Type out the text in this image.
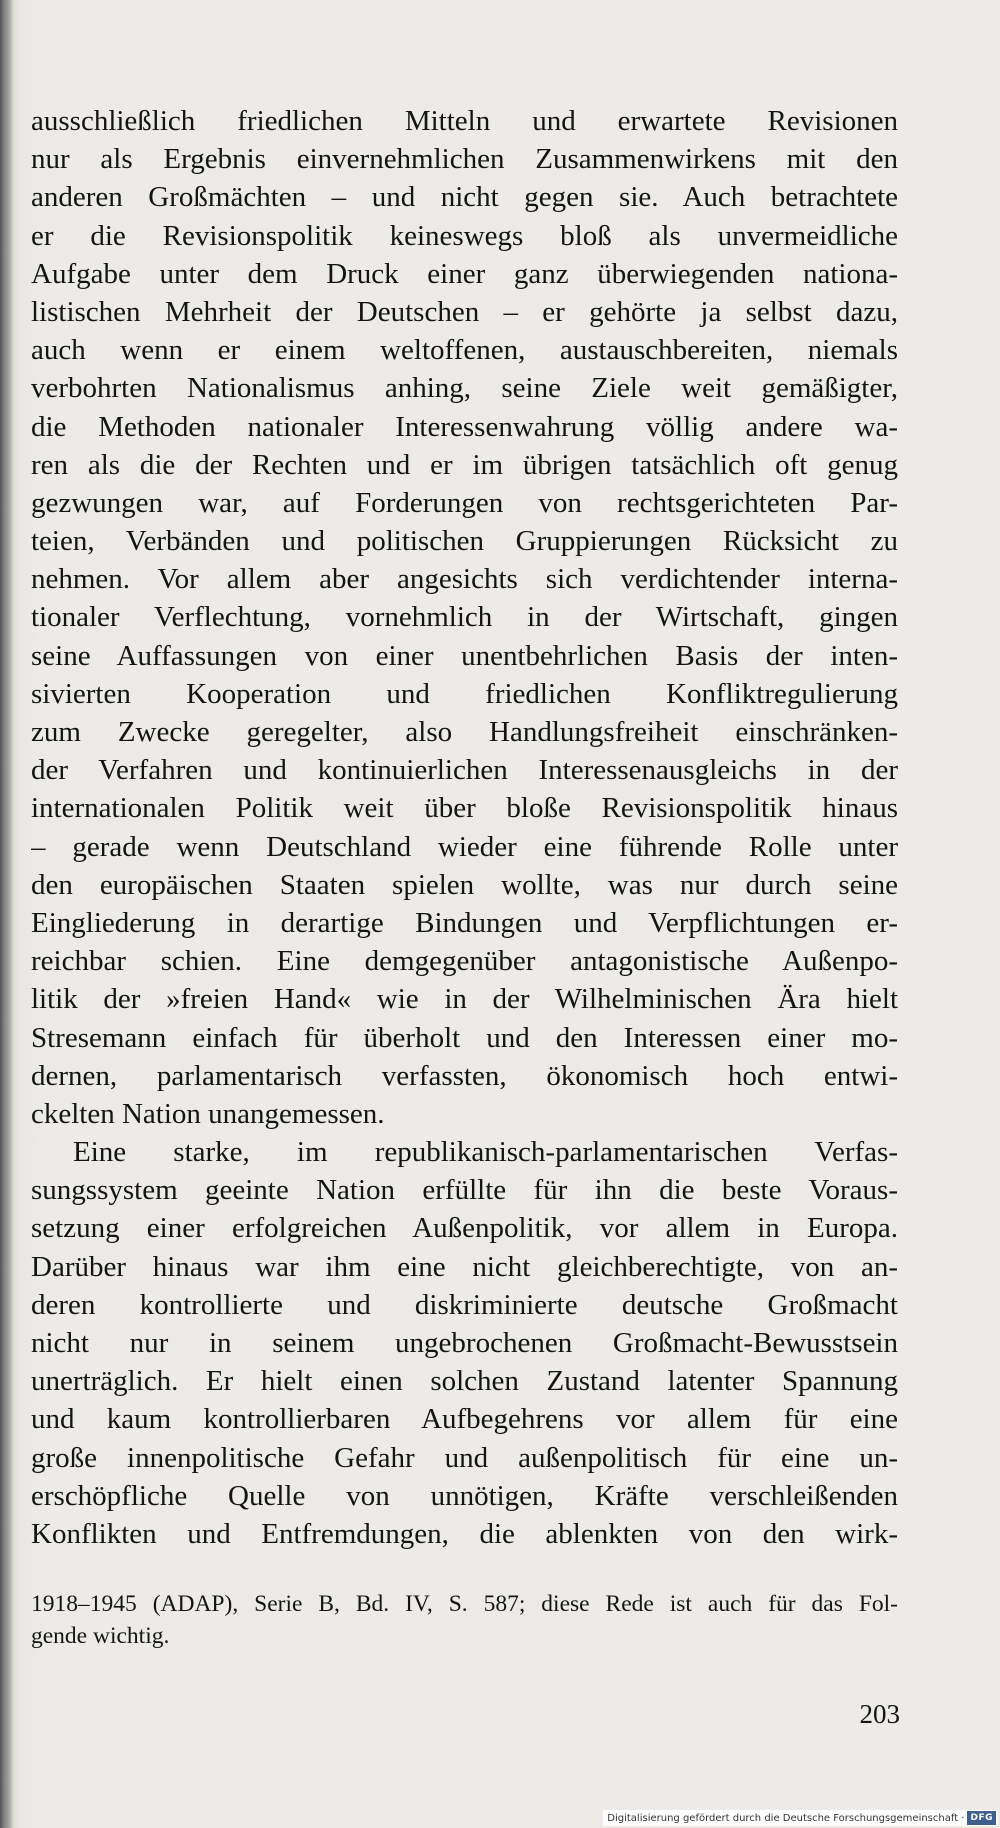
ausschließlich friedlichen Mitteln und erwartete Revisionen
nur als Ergebnis einvernehmlichen Zusammenwirkens mit den
anderen Großmächten – und nicht gegen sie. Auch betrachtete
er die Revisionspolitik keineswegs bloß als unvermeidliche
Aufgabe unter dem Druck einer ganz überwiegenden nationa-
listischen Mehrheit der Deutschen – er gehörte ja selbst dazu,
auch wenn er einem weltoffenen, austauschbereiten, niemals
verbohrten Nationalismus anhing, seine Ziele weit gemäßigter,
die Methoden nationaler Interessenwahrung völlig andere wa-
ren als die der Rechten und er im übrigen tatsächlich oft genug
gezwungen war, auf Forderungen von rechtsgerichteten Par-
teien, Verbänden und politischen Gruppierungen Rücksicht zu
nehmen. Vor allem aber angesichts sich verdichtender interna-
tionaler Verflechtung, vornehmlich in der Wirtschaft, gingen
seine Auffassungen von einer unentbehrlichen Basis der inten-
sivierten Kooperation und friedlichen Konfliktregulierung
zum Zwecke geregelter, also Handlungsfreiheit einschränken-
der Verfahren und kontinuierlichen Interessenausgleichs in der
internationalen Politik weit über bloße Revisionspolitik hinaus
– gerade wenn Deutschland wieder eine führende Rolle unter
den europäischen Staaten spielen wollte, was nur durch seine
Eingliederung in derartige Bindungen und Verpflichtungen er-
reichbar schien. Eine demgegenüber antagonistische Außenpo-
litik der »freien Hand« wie in der Wilhelminischen Ära hielt
Stresemann einfach für überholt und den Interessen einer mo-
dernen, parlamentarisch verfassten, ökonomisch hoch entwi-
ckelten Nation unangemessen.
Eine starke, im republikanisch-parlamentarischen Verfas-
sungssystem geeinte Nation erfüllte für ihn die beste Voraus-
setzung einer erfolgreichen Außenpolitik, vor allem in Europa.
Darüber hinaus war ihm eine nicht gleichberechtigte, von an-
deren kontrollierte und diskriminierte deutsche Großmacht
nicht nur in seinem ungebrochenen Großmacht-Bewusstsein
unerträglich. Er hielt einen solchen Zustand latenter Spannung
und kaum kontrollierbaren Aufbegehrens vor allem für eine
große innenpolitische Gefahr und außenpolitisch für eine un-
erschöpfliche Quelle von unnötigen, Kräfte verschleißenden
Konflikten und Entfremdungen, die ablenkten von den wirk-
1918–1945 (ADAP), Serie B, Bd. IV, S. 587; diese Rede ist auch für das Fol-
gende wichtig.
203
Digitalisierung gefördert durch die Deutsche Forschungsgemeinschaft · DFG
